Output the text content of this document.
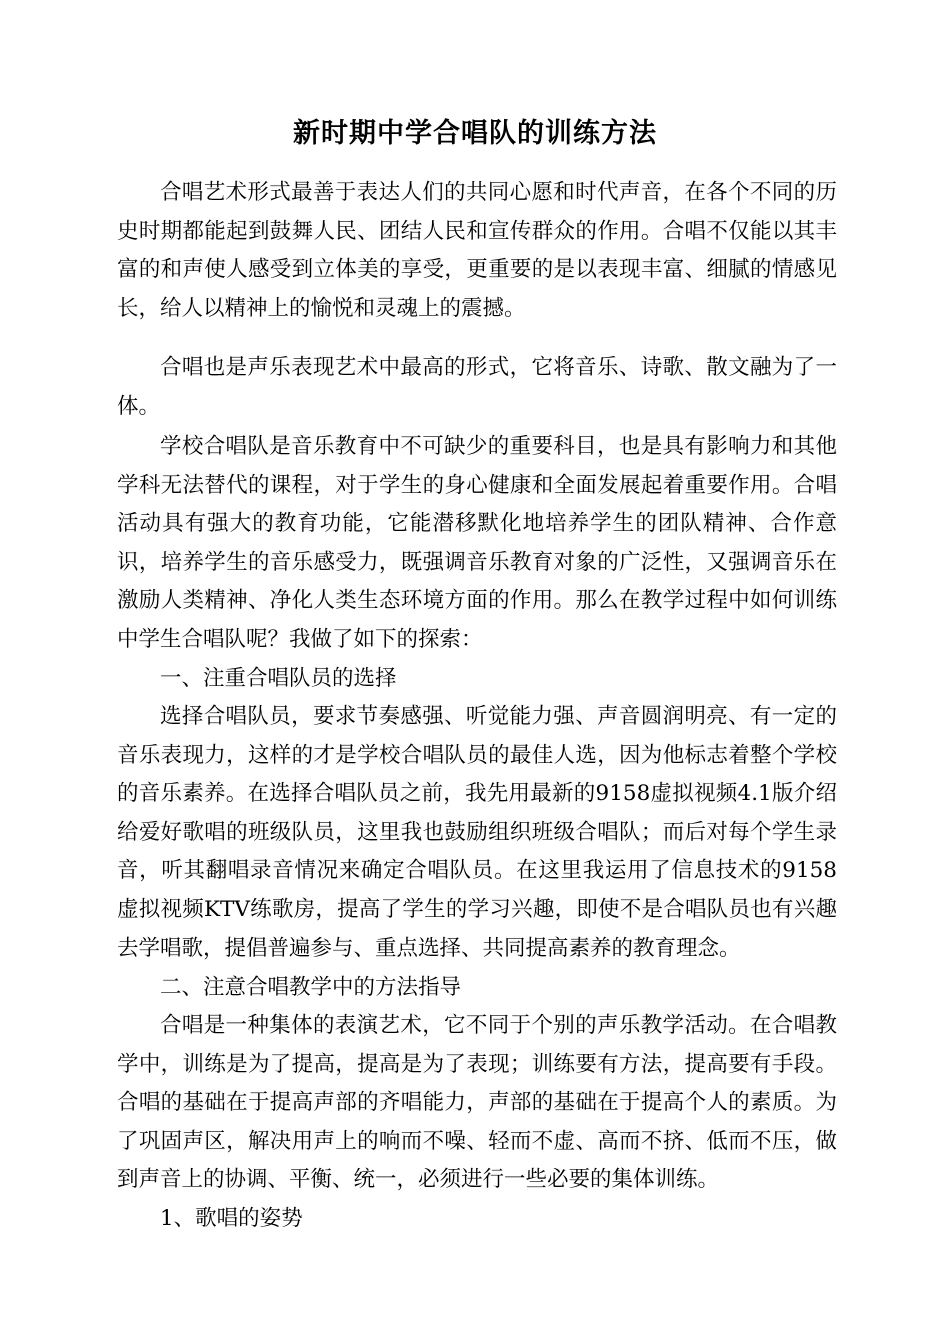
新时期中学合唱队的训练方法

合唱艺术形式最善于表达人们的共同心愿和时代声音，在各个不同的历史时期都能起到鼓舞人民、团结人民和宣传群众的作用。合唱不仅能以其丰富的和声使人感受到立体美的享受，更重要的是以表现丰富、细腻的情感见长，给人以精神上的愉悦和灵魂上的震撼。

合唱也是声乐表现艺术中最高的形式，它将音乐、诗歌、散文融为了一体。

学校合唱队是音乐教育中不可缺少的重要科目，也是具有影响力和其他学科无法替代的课程，对于学生的身心健康和全面发展起着重要作用。合唱活动具有强大的教育功能，它能潜移默化地培养学生的团队精神、合作意识，培养学生的音乐感受力，既强调音乐教育对象的广泛性，又强调音乐在激励人类精神、净化人类生态环境方面的作用。那么在教学过程中如何训练中学生合唱队呢？我做了如下的探索：

一、注重合唱队员的选择

选择合唱队员，要求节奏感强、听觉能力强、声音圆润明亮、有一定的音乐表现力，这样的才是学校合唱队员的最佳人选，因为他标志着整个学校的音乐素养。在选择合唱队员之前，我先用最新的9158虚拟视频4.1版介绍给爱好歌唱的班级队员，这里我也鼓励组织班级合唱队；而后对每个学生录音，听其翻唱录音情况来确定合唱队员。在这里我运用了信息技术的9158虚拟视频KTV练歌房，提高了学生的学习兴趣，即使不是合唱队员也有兴趣去学唱歌，提倡普遍参与、重点选择、共同提高素养的教育理念。

二、注意合唱教学中的方法指导

合唱是一种集体的表演艺术，它不同于个别的声乐教学活动。在合唱教学中，训练是为了提高，提高是为了表现；训练要有方法，提高要有手段。合唱的基础在于提高声部的齐唱能力，声部的基础在于提高个人的素质。为了巩固声区，解决用声上的响而不噪、轻而不虚、高而不挤、低而不压，做到声音上的协调、平衡、统一，必须进行一些必要的集体训练。

1、歌唱的姿势
